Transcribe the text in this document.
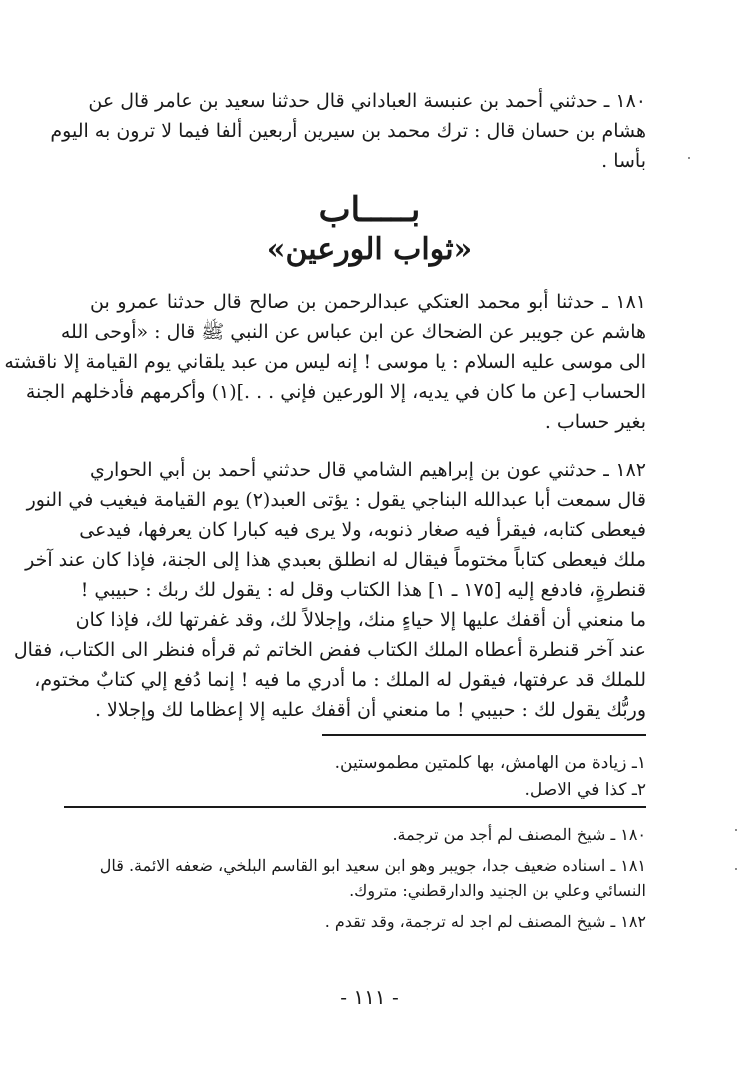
١٨٠ ـ حدثني أحمد بن عنبسة العباداني قال حدثنا سعيد بن عامر قال عن
هشام بن حسان قال : ترك محمد بن سيرين أربعين ألفا فيما لا ترون به اليوم
بأسا .
بـــــاب
«ثواب الورعين»
١٨١ ـ حدثنا أبو محمد العتكي عبدالرحمن بن صالح قال حدثنا عمرو بن
هاشم عن جويبر عن الضحاك عن ابن عباس عن النبي ﷺ قال : «أوحى الله
الى موسى عليه السلام : يا موسى ! إنه ليس من عبد يلقاني يوم القيامة إلا ناقشته
الحساب [عن ما كان في يديه، إلا الورعين فإني . . .](١) وأكرمهم فأدخلهم الجنة
بغير حساب .
١٨٢ ـ حدثني عون بن إبراهيم الشامي قال حدثني أحمد بن أبي الحواري
قال سمعت أبا عبدالله البناجي يقول : يؤتى العبد(٢) يوم القيامة فيغيب في النور
فيعطى كتابه، فيقرأ فيه صغار ذنوبه، ولا يرى فيه كبارا كان يعرفها، فيدعى
ملك فيعطى كتاباً مختوماً فيقال له انطلق بعبدي هذا إلى الجنة، فإذا كان عند آخر
قنطرةٍ، فادفع إليه [١٧٥ ـ ١] هذا الكتاب وقل له : يقول لك ربك : حبيبي !
ما منعني أن أقفك عليها إلا حياءٍ منك، وإجلالاً لك، وقد غفرتها لك، فإذا كان
عند آخر قنطرة أعطاه الملك الكتاب ففض الخاتم ثم قرأه فنظر الى الكتاب، فقال
للملك قد عرفتها، فيقول له الملك : ما أدري ما فيه ! إنما دُفع إلي كتابٌ مختوم،
وربُّك يقول لك : حبيبي ! ما منعني أن أقفك عليه إلا إعظاما لك وإجلالا .
١ـ زيادة من الهامش، بها كلمتين مطموستين.
٢ـ كذا في الاصل.
١٨٠ ـ شيخ المصنف لم أجد من ترجمة.
١٨١ ـ اسناده ضعيف جدا، جويبر وهو ابن سعيد ابو القاسم البلخي، ضعفه الائمة. قال
النسائي وعلي بن الجنيد والدارقطني: متروك.
١٨٢ ـ شيخ المصنف لم اجد له ترجمة، وقد تقدم .
- ١١١ -
